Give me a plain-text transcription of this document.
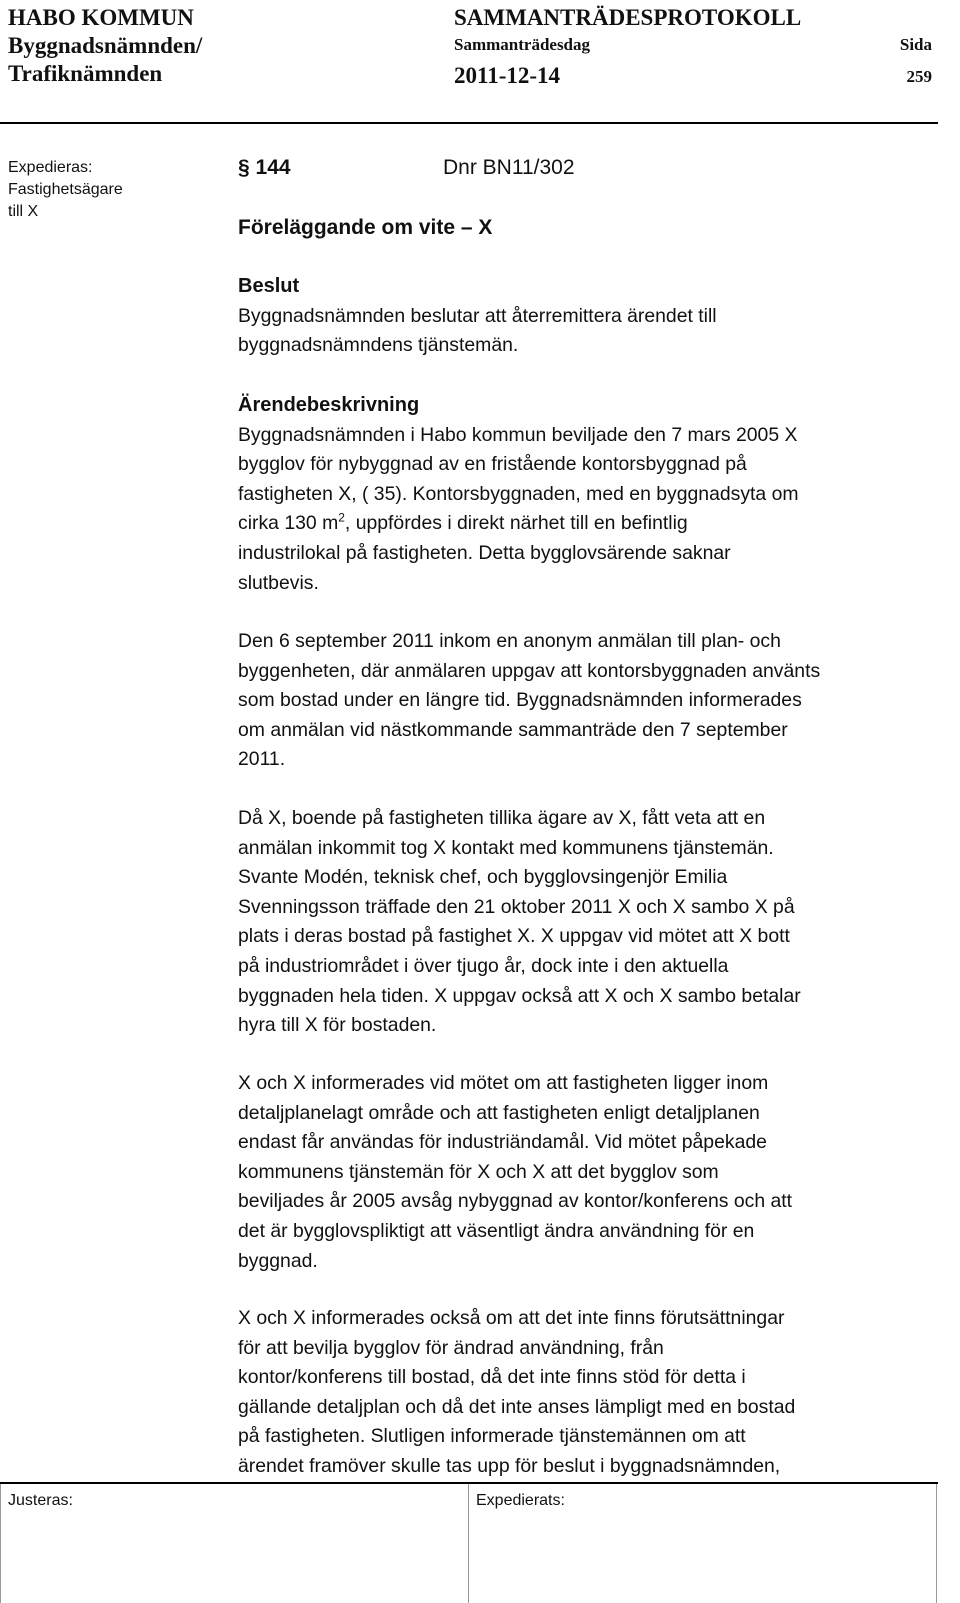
HABO KOMMUN
Byggnadsnämnden/
Trafiknämnden
SAMMANTRÄDESPROTOKOLL
Sammanträdesdag
2011-12-14
Sida
259
Expedieras:
Fastighetsägare
till X
§ 144	Dnr BN11/302
Föreläggande om vite – X
Beslut
Byggnadsnämnden beslutar att återremittera ärendet till
byggnadsnämndens tjänstemän.
Ärendebeskrivning

Byggnadsnämnden i Habo kommun beviljade den 7 mars 2005 X
bygglov för nybyggnad av en fristående kontorsbyggnad på
fastigheten X, ( 35). Kontorsbyggnaden, med en byggnadsyta om
cirka 130 $m^2$, uppfördes i direkt närhet till en befintlig
industrilokal på fastigheten. Detta bygglovsärende saknar
slutbevis.

Den 6 september 2011 inkom en anonym anmälan till plan- och
byggenheten, där anmälaren uppgav att kontorsbyggnaden använts
som bostad under en längre tid. Byggnadsnämnden informerades
om anmälan vid nästkommande sammanträde den 7 september
2011.
Då X, boende på fastigheten tillika ägare av X, fått veta att en
anmälan inkommit tog X kontakt med kommunens tjänstemän.
Svante Modén, teknisk chef, och bygglovsingenjör Emilia
Svenningsson träffade den 21 oktober 2011 X och X sambo X på
plats i deras bostad på fastighet X. X uppgav vid mötet att X bott
på industriområdet i över tjugo år, dock inte i den aktuella
byggnaden hela tiden. X uppgav också att X och X sambo betalar
hyra till X för bostaden.
X och X informerades vid mötet om att fastigheten ligger inom
detaljplanelagt område och att fastigheten enligt detaljplanen
endast får användas för industriändamål. Vid mötet påpekade
kommunens tjänstemän för X och X att det bygglov som
beviljades år 2005 avsåg nybyggnad av kontor/konferens och att
det är bygglovspliktigt att väsentligt ändra användning för en
byggnad.
X och X informerades också om att det inte finns förutsättningar
för att bevilja bygglov för ändrad användning, från
kontor/konferens till bostad, då det inte finns stöd för detta i
gällande detaljplan och då det inte anses lämpligt med en bostad
på fastigheten. Slutligen informerade tjänstemännen om att
ärendet framöver skulle tas upp för beslut i byggnadsnämnden,
Justeras:	Expedierats:
